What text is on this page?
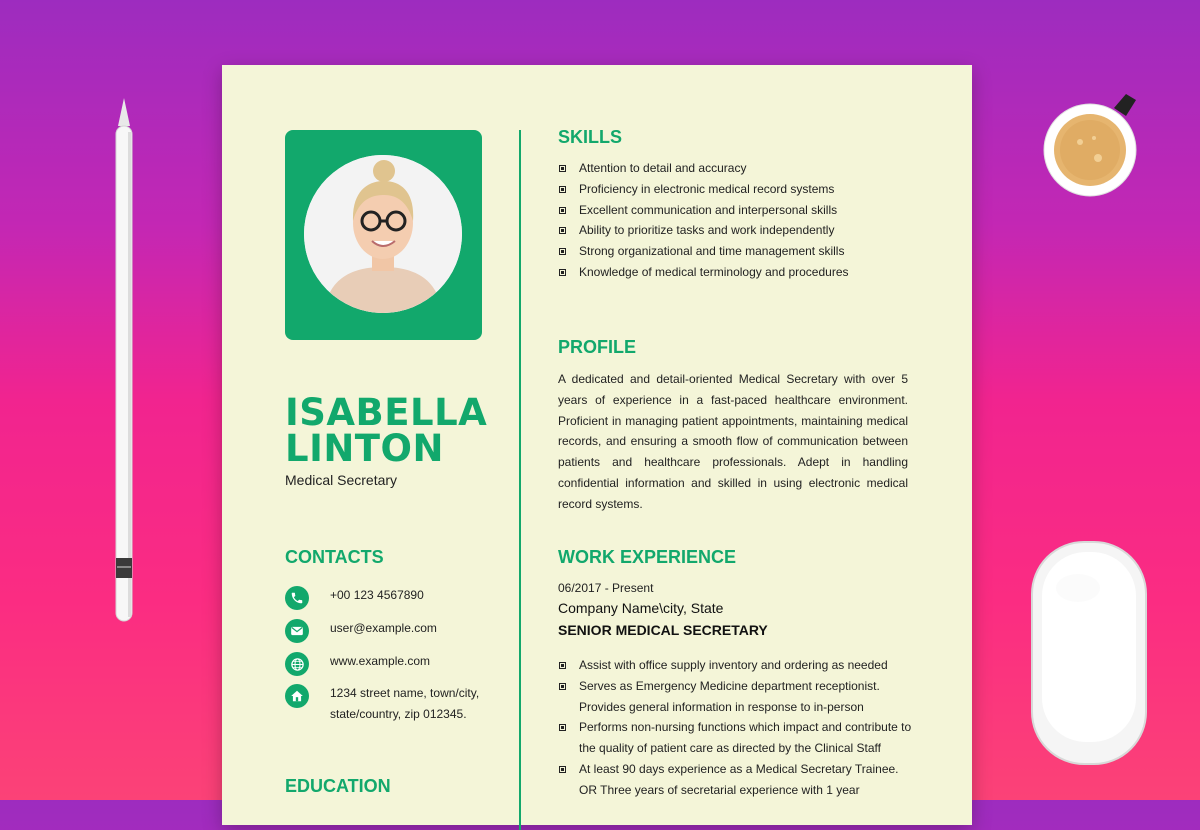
ISABELLA
LINTON
Medical Secretary
CONTACTS
+00 123 4567890
user@example.com
www.example.com
1234 street name, town/city,
state/country, zip 012345.
EDUCATION
SKILLS
Attention to detail and accuracy
Proficiency in electronic medical record systems
Excellent communication and interpersonal skills
Ability to prioritize tasks and work independently
Strong organizational and time management skills
Knowledge of medical terminology and procedures
PROFILE

A dedicated and detail-oriented Medical Secretary with over 5 years of experience in a fast-paced healthcare environment. Proficient in managing patient appointments, maintaining medical records, and ensuring a smooth flow of communication between patients and healthcare professionals. Adept in handling confidential information and skilled in using electronic medical record systems.

WORK EXPERIENCE
06/2017 - Present
Company Name\city, State
SENIOR MEDICAL SECRETARY
Assist with office supply inventory and ordering as needed
Serves as Emergency Medicine department receptionist.
Provides general information in response to in-person
Performs non-nursing functions which impact and contribute to
the quality of patient care as directed by the Clinical Staff
At least 90 days experience as a Medical Secretary Trainee.
OR Three years of secretarial experience with 1 year
